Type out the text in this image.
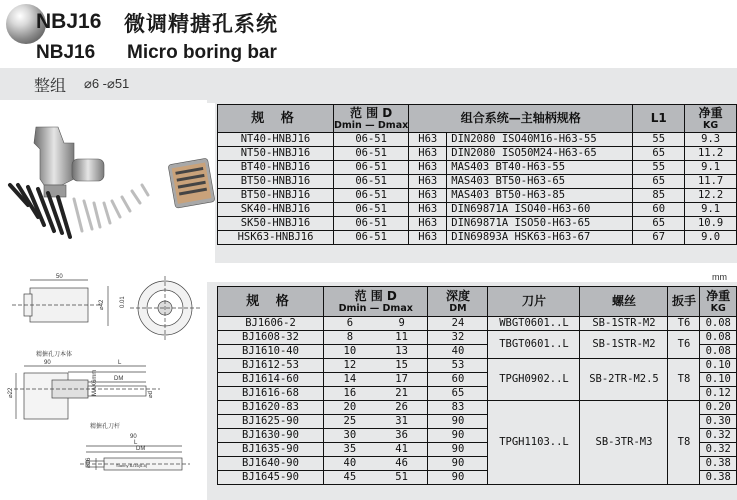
NBJ16 微调精搪孔系统
NBJ16 Micro boring bar
整组 ⌀6 -⌀51
50
⌀42	0.01
精搪孔刀本体
90
⌀22	MAX6mm
L
DM
⌀d
精搪孔刀杆
90
L
DM
⌀16	Stanny BJ16(6-8)
规 格	范 围 D
Dmin — Dmax	组合系统—主轴柄规格		L1	净重
KG

NT40-HNBJ16	06-51	H63	DIN2080 ISO40M16-H63-55	55	9.3
NT50-HNBJ16	06-51	H63	DIN2080 ISO50M24-H63-65	65	11.2
BT40-HNBJ16	06-51	H63	MAS403 BT40-H63-55	55	9.1
BT50-HNBJ16	06-51	H63	MAS403 BT50-H63-65	65	11.7
BT50-HNBJ16	06-51	H63	MAS403 BT50-H63-85	85	12.2
SK40-HNBJ16	06-51	H63	DIN69871A ISO40-H63-60	60	9.1
SK50-HNBJ16	06-51	H63	DIN69871A ISO50-H63-65	65	10.9
HSK63-HNBJ16	06-51	H63	DIN69893A HSK63-H63-67	67	9.0
mm
规 格	范 围 D
Dmin — Dmax		深度
DM	刀片	螺丝	扳手	净重
KG

BJ1606-2	6	9	24	WBGT0601..L	SB-1STR-M2	T6	0.08
BJ1608-32	8	11	32	TBGT0601..L	SB-1STR-M2	T6	0.08
BJ1610-40	10	13	40				0.08
BJ1612-53	12	15	53	TPGH0902..L	SB-2TR-M2.5	T8	0.10
BJ1614-60	14	17	60				0.10
BJ1616-68	16	21	65				0.12
BJ1620-83	20	26	83	TPGH1103..L	SB-3TR-M3	T8	0.20
BJ1625-90	25	31	90				0.30
BJ1630-90	30	36	90				0.32
BJ1635-90	35	41	90				0.32
BJ1640-90	40	46	90				0.38
BJ1645-90	45	51	90				0.38
